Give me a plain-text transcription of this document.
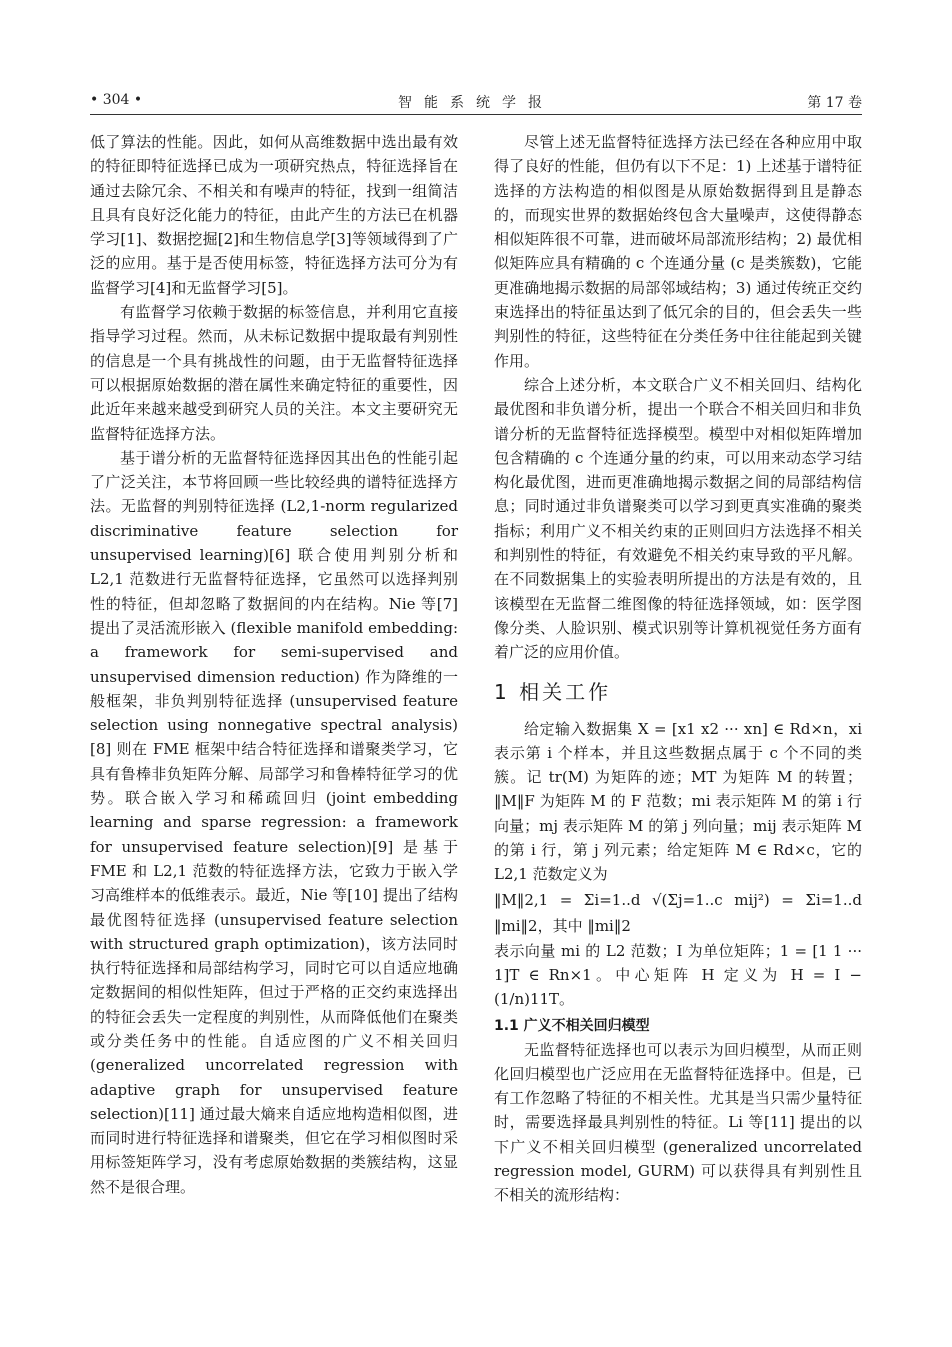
• 304 •	智能系统学报	第 17 卷

低了算法的性能。因此，如何从高维数据中选出最有效的特征即特征选择已成为一项研究热点，特征选择旨在通过去除冗余、不相关和有噪声的特征，找到一组简洁且具有良好泛化能力的特征，由此产生的方法已在机器学习[1]、数据挖掘[2]和生物信息学[3]等领域得到了广泛的应用。基于是否使用标签，特征选择方法可分为有监督学习[4]和无监督学习[5]。

有监督学习依赖于数据的标签信息，并利用它直接指导学习过程。然而，从未标记数据中提取最有判别性的信息是一个具有挑战性的问题，由于无监督特征选择可以根据原始数据的潜在属性来确定特征的重要性，因此近年来越来越受到研究人员的关注。本文主要研究无监督特征选择方法。

基于谱分析的无监督特征选择因其出色的性能引起了广泛关注，本节将回顾一些比较经典的谱特征选择方法。无监督的判别特征选择 (L2,1-norm regularized discriminative feature selection for unsupervised learning)[6] 联合使用判别分析和 L2,1 范数进行无监督特征选择，它虽然可以选择判别性的特征，但却忽略了数据间的内在结构。Nie 等[7] 提出了灵活流形嵌入 (flexible manifold embedding: a framework for semi-supervised and unsupervised dimension reduction) 作为降维的一般框架，非负判别特征选择 (unsupervised feature selection using nonnegative spectral analysis)[8] 则在 FME 框架中结合特征选择和谱聚类学习，它具有鲁棒非负矩阵分解、局部学习和鲁棒特征学习的优势。联合嵌入学习和稀疏回归 (joint embedding learning and sparse regression: a framework for unsupervised feature selection)[9] 是基于 FME 和 L2,1 范数的特征选择方法，它致力于嵌入学习高维样本的低维表示。最近，Nie 等[10] 提出了结构最优图特征选择 (unsupervised feature selection with structured graph optimization)，该方法同时执行特征选择和局部结构学习，同时它可以自适应地确定数据间的相似性矩阵，但过于严格的正交约束选择出的特征会丢失一定程度的判别性，从而降低他们在聚类或分类任务中的性能。自适应图的广义不相关回归 (generalized uncorrelated regression with adaptive graph for unsupervised feature selection)[11] 通过最大熵来自适应地构造相似图，进而同时进行特征选择和谱聚类，但它在学习相似图时采用标签矩阵学习，没有考虑原始数据的类簇结构，这显然不是很合理。

尽管上述无监督特征选择方法已经在各种应用中取得了良好的性能，但仍有以下不足：1) 上述基于谱特征选择的方法构造的相似图是从原始数据得到且是静态的，而现实世界的数据始终包含大量噪声，这使得静态相似矩阵很不可靠，进而破坏局部流形结构；2) 最优相似矩阵应具有精确的 c 个连通分量 (c 是类簇数)，它能更准确地揭示数据的局部邻域结构；3) 通过传统正交约束选择出的特征虽达到了低冗余的目的，但会丢失一些判别性的特征，这些特征在分类任务中往往能起到关键作用。

综合上述分析，本文联合广义不相关回归、结构化最优图和非负谱分析，提出一个联合不相关回归和非负谱分析的无监督特征选择模型。模型中对相似矩阵增加包含精确的 c 个连通分量的约束，可以用来动态学习结构化最优图，进而更准确地揭示数据之间的局部结构信息；同时通过非负谱聚类可以学习到更真实准确的聚类指标；利用广义不相关约束的正则回归方法选择不相关和判别性的特征，有效避免不相关约束导致的平凡解。在不同数据集上的实验表明所提出的方法是有效的，且该模型在无监督二维图像的特征选择领域，如：医学图像分类、人脸识别、模式识别等计算机视觉任务方面有着广泛的应用价值。

1 相关工作

给定输入数据集 X = [x1 x2 ··· xn] ∈ Rd×n，xi 表示第 i 个样本，并且这些数据点属于 c 个不同的类簇。记 tr(M) 为矩阵的迹；MT 为矩阵 M 的转置；‖M‖F 为矩阵 M 的 F 范数；mi 表示矩阵 M 的第 i 行向量；mj 表示矩阵 M 的第 j 列向量；mij 表示矩阵 M 的第 i 行，第 j 列元素；给定矩阵 M ∈ Rd×c，它的 L2,1 范数定义为

‖M‖2,1 = Σi=1..d √(Σj=1..c mij²) = Σi=1..d ‖mi‖2，其中 ‖mi‖2

表示向量 mi 的 L2 范数；I 为单位矩阵；1 = [1 1 ··· 1]T ∈ Rn×1。中心矩阵 H 定义为 H = I − (1/n)11T。

1.1 广义不相关回归模型

无监督特征选择也可以表示为回归模型，从而正则化回归模型也广泛应用在无监督特征选择中。但是，已有工作忽略了特征的不相关性。尤其是当只需少量特征时，需要选择最具判别性的特征。Li 等[11] 提出的以下广义不相关回归模型 (generalized uncorrelated regression model, GURM) 可以获得具有判别性且不相关的流形结构：
